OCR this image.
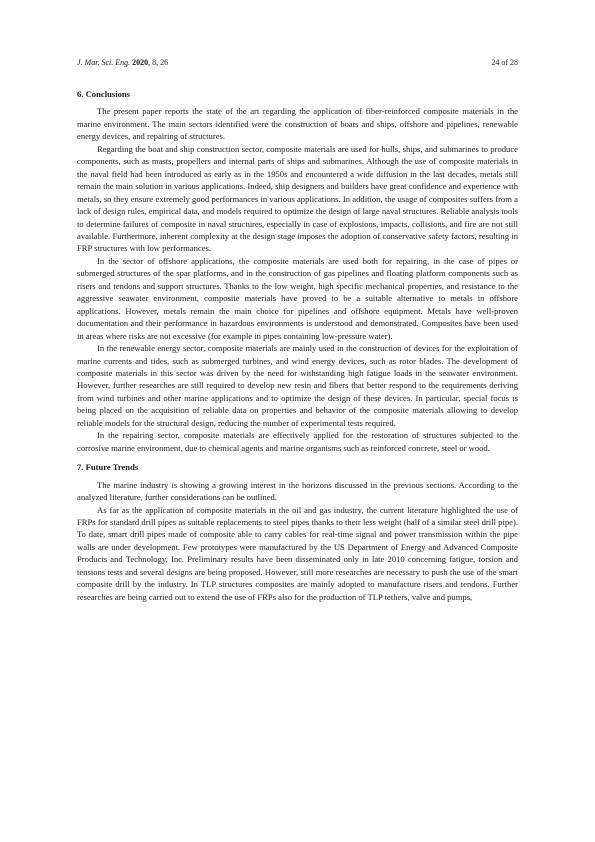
J. Mar. Sci. Eng. 2020, 8, 26	24 of 28
6. Conclusions

The present paper reports the state of the art regarding the application of fiber-reinforced composite materials in the marine environment. The main sectors identified were the construction of boats and ships, offshore and pipelines, renewable energy devices, and repairing of structures.

Regarding the boat and ship construction sector, composite materials are used for hulls, ships, and submarines to produce components, such as masts, propellers and internal parts of ships and submarines. Although the use of composite materials in the naval field had been introduced as early as in the 1950s and encountered a wide diffusion in the last decades, metals still remain the main solution in various applications. Indeed, ship designers and builders have great confidence and experience with metals, so they ensure extremely good performances in various applications. In addition, the usage of composites suffers from a lack of design rules, empirical data, and models required to optimize the design of large naval structures. Reliable analysis tools to determine failures of composite in naval structures, especially in case of explosions, impacts, collisions, and fire are not still available. Furthermore, inherent complexity at the design stage imposes the adoption of conservative safety factors, resulting in FRP structures with low performances.

In the sector of offshore applications, the composite materials are used both for repairing, in the case of pipes or submerged structures of the spar platforms, and in the construction of gas pipelines and floating platform components such as risers and tendons and support structures. Thanks to the low weight, high specific mechanical properties, and resistance to the aggressive seawater environment, composite materials have proved to be a suitable alternative to metals in offshore applications. However, metals remain the main choice for pipelines and offshore equipment. Metals have well-proven documentation and their performance in hazardous environments is understood and demonstrated. Composites have been used in areas where risks are not excessive (for example in pipes containing low-pressure water).

In the renewable energy sector, composite materials are mainly used in the construction of devices for the exploitation of marine currents and tides, such as submerged turbines, and wind energy devices, such as rotor blades. The development of composite materials in this sector was driven by the need for withstanding high fatigue loads in the seawater environment. However, further researches are still required to develop new resin and fibers that better respond to the requirements deriving from wind turbines and other marine applications and to optimize the design of these devices. In particular, special focus is being placed on the acquisition of reliable data on properties and behavior of the composite materials allowing to develop reliable models for the structural design, reducing the number of experimental tests required.

In the repairing sector, composite materials are effectively applied for the restoration of structures subjected to the corrosive marine environment, due to chemical agents and marine organisms such as reinforced concrete, steel or wood.

7. Future Trends

The marine industry is showing a growing interest in the horizons discussed in the previous sections. According to the analyzed literature, further considerations can be outlined.

As far as the application of composite materials in the oil and gas industry, the current literature highlighted the use of FRPs for standard drill pipes as suitable replacements to steel pipes thanks to their less weight (half of a similar steel drill pipe). To date, smart drill pipes made of composite able to carry cables for real-time signal and power transmission within the pipe walls are under development. Few prototypes were manufactured by the US Department of Energy and Advanced Composite Products and Technology, Inc. Preliminary results have been disseminated only in late 2010 concerning fatigue, torsion and tensions tests and several designs are being proposed. However, still more researches are necessary to push the use of the smart composite drill by the industry. In TLP structures composites are mainly adopted to manufacture risers and tendons. Further researches are being carried out to extend the use of FRPs also for the production of TLP tethers, valve and pumps,
